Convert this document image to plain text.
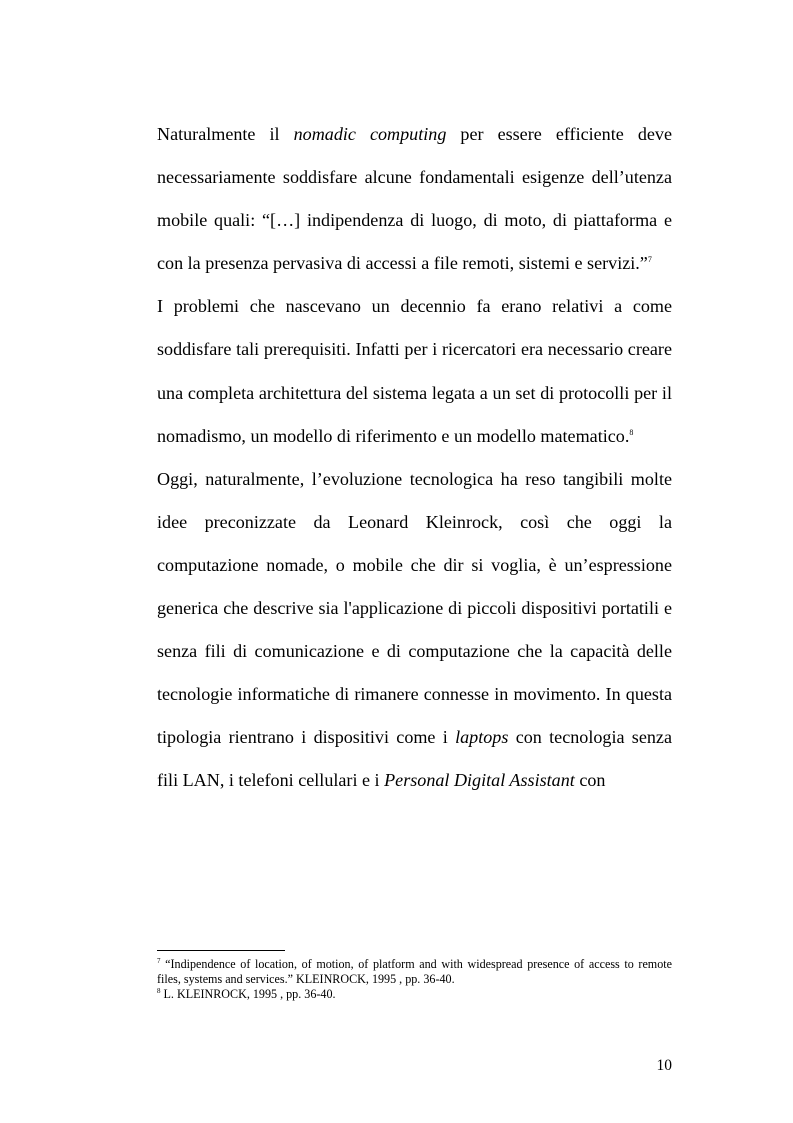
Naturalmente il nomadic computing per essere efficiente deve necessariamente soddisfare alcune fondamentali esigenze dell’utenza mobile quali: “[…] indipendenza di luogo, di moto, di piattaforma e con la presenza pervasiva di accessi a file remoti, sistemi e servizi.”$^7$

I problemi che nascevano un decennio fa erano relativi a come soddisfare tali prerequisiti. Infatti per i ricercatori era necessario creare una completa architettura del sistema legata a un set di protocolli per il nomadismo, un modello di riferimento e un modello matematico.$^8$

Oggi, naturalmente, l’evoluzione tecnologica ha reso tangibili molte idee preconizzate da Leonard Kleinrock, così che oggi la computazione nomade, o mobile che dir si voglia, è un’espressione generica che descrive sia l'applicazione di piccoli dispositivi portatili e senza fili di comunicazione e di computazione che la capacità delle tecnologie informatiche di rimanere connesse in movimento. In questa tipologia rientrano i dispositivi come i laptops con tecnologia senza fili LAN, i telefoni cellulari e i Personal Digital Assistant con

$^7$ “Indipendence of location, of motion, of platform and with widespread presence of access to remote files, systems and services.” KLEINROCK, 1995 , pp. 36-40.

$^8$ L. KLEINROCK, 1995 , pp. 36-40.

10
